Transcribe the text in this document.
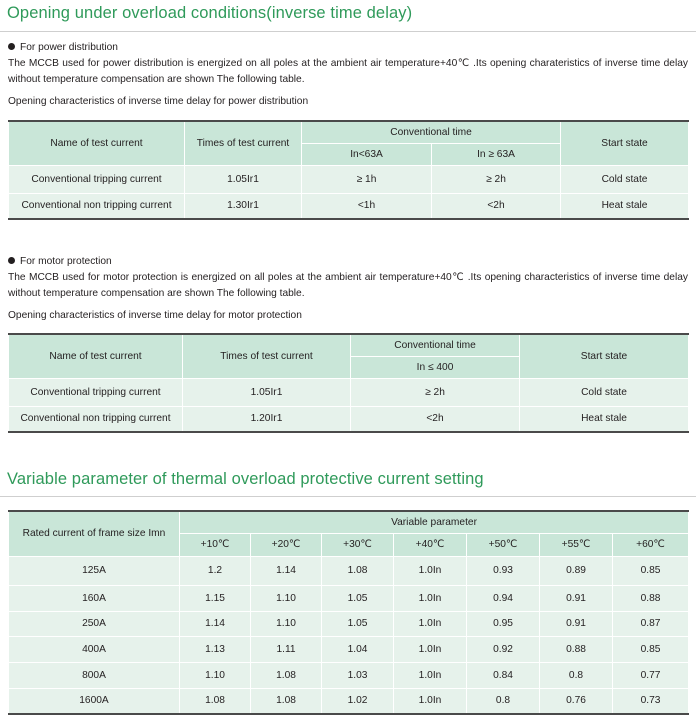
Opening under overload conditions(inverse time delay)
For power distribution
The MCCB used for power distribution is energized on all poles at the ambient air temperature+40℃ .Its opening charateristics of inverse time delay without temperature compensation are shown The following table.
Opening characteristics of inverse time delay for power distribution
Name of test current	Times of test current	Conventional time		Start state
		In<63A	In ≥ 63A	
Conventional tripping current	1.05Ir1	≥ 1h	≥ 2h	Cold state
Conventional non tripping current	1.30Ir1	<1h	<2h	Heat stale
For motor protection
The MCCB used for motor protection is energized on all poles at the ambient air temperature+40℃ .Its opening characteristics of inverse time delay without temperature compensation are shown The following table.
Opening characteristics of inverse time delay for motor protection
Name of test current	Times of test current	Conventional time	Start state
		In ≤ 400	
Conventional tripping current	1.05Ir1	≥ 2h	Cold state
Conventional non tripping current	1.20Ir1	<2h	Heat stale
Variable parameter of thermal overload protective current setting
Rated current of frame size Imn	Variable parameter						
	+10℃	+20℃	+30℃	+40℃	+50℃	+55℃	+60℃
125A	1.2	1.14	1.08	1.0In	0.93	0.89	0.85
160A	1.15	1.10	1.05	1.0In	0.94	0.91	0.88
250A	1.14	1.10	1.05	1.0In	0.95	0.91	0.87
400A	1.13	1.11	1.04	1.0In	0.92	0.88	0.85
800A	1.10	1.08	1.03	1.0In	0.84	0.8	0.77
1600A	1.08	1.08	1.02	1.0In	0.8	0.76	0.73
